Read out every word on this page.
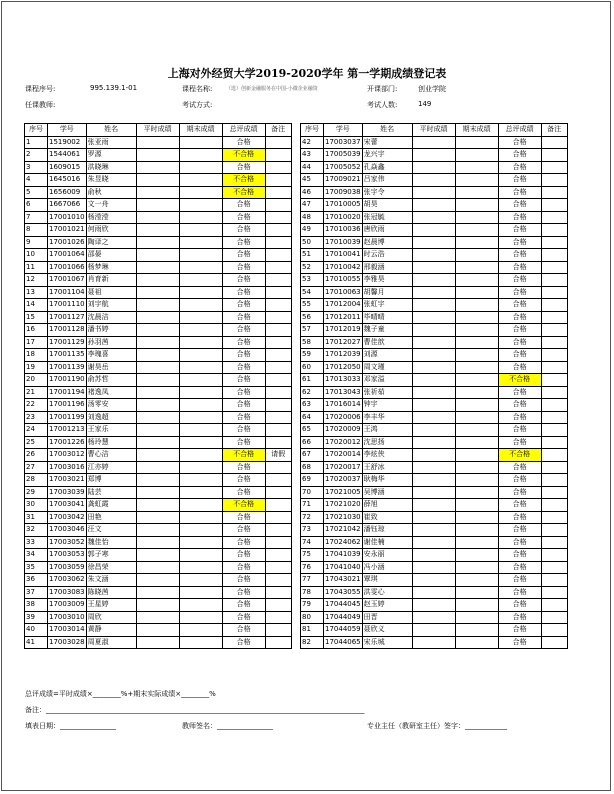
上海对外经贸大学2019-2020学年 第一学期成绩登记表
课程序号:	995.139.1-01	课程名称:	（选）创新金融服务在中国-小微企业融资	开课部门:	创业学院
任课教师:	考试方式:	考试人数:	149
序号	学号	姓名	平时成绩	期末成绩	总评成绩	备注
1	1519002	张亚雨			合格	
2	1544061	罗源			不合格	
3	1609015	洪晓琳			合格	
4	1645016	朱昱晓			不合格	
5	1656009	俞秋			不合格	
6	1667066	文一舟			合格	
7	17001010	杨滢滢			合格	
8	17001021	何雨欣			合格	
9	17001026	陶译之			合格	
10	17001064	邵晏			合格	
11	17001066	杨梦琳			合格	
12	17001067	肖育新			合格	
13	17001104	聂祖			合格	
14	17001110	刘宇航			合格	
15	17001127	沈晨洁			合格	
16	17001128	潘书婷			合格	
17	17001129	孙羽茜			合格	
18	17001135	李瑰喜			合格	
19	17001139	谢昊岳			合格	
20	17001190	俞苏哲			合格	
21	17001194	褚逸凤			合格	
22	17001196	汤零安			合格	
23	17001199	刘逸超			合格	
24	17001213	王家乐			合格	
25	17001226	杨玲慧			合格	
26	17003012	曹心洁			不合格	请假
27	17003016	江亦婷			合格	
28	17003021	郑博			合格	
29	17003039	陆芸			合格	
30	17003041	龚虹霞			不合格	
31	17003042	田艳			合格	
32	17003046	汪文			合格	
33	17003052	魏佳怡			合格	
34	17003053	郭子寒			合格	
35	17003059	徐昌荣			合格	
36	17003062	朱文涵			合格	
37	17003083	陈晓茜			合格	
38	17003009	王星婷			合格	
39	17003010	周欣			合格	
40	17003014	黄静			合格	
41	17003028	周夏淑			合格	
序号	学号	姓名	平时成绩	期末成绩	总评成绩	备注
42	17003037	宋蕾			合格	
43	17005039	龙兴宇			合格	
44	17005052	孔焱鑫			合格	
45	17009021	吕家伟			合格	
46	17009038	张宇令			合格	
47	17010005	胡昊			合格	
48	17010020	张冠毓			合格	
49	17010036	唐欣雨			合格	
50	17010039	赵晨博			合格	
51	17010041	时云浩			合格	
52	17010042	邢毅涵			合格	
53	17010055	李雅昊			合格	
54	17010063	胡馨月			合格	
55	17012004	张虹宇			合格	
56	17012011	毕晴晴			合格	
57	17012019	魏子童			合格	
58	17012027	曹佳歆			合格	
59	17012039	刘源			合格	
60	17012050	周文瑾			合格	
61	17013033	邓家溢			不合格	
62	17013043	张祈茹			合格	
63	17016014	钟宇			合格	
64	17020006	李丰华			合格	
65	17020009	王鸿			合格	
66	17020012	沈思扬			合格	
67	17020014	李炫侠			不合格	
68	17020017	王舒冰			合格	
69	17020037	耿梅华			合格	
70	17021005	吴博涵			合格	
71	17021020	薛旭			合格	
72	17021030	崔致			合格	
73	17021042	潘钰琼			合格	
74	17024062	谢佳楠			合格	
75	17041039	安永丽			合格	
76	17041040	冯小涵			合格	
77	17043021	覃琪			合格	
78	17043055	洪雯心			合格	
79	17044045	赵玉婷			合格	
80	17044049	田晋			合格	
81	17044059	聂欣义			合格	
82	17044065	宋乐城			合格	
总评成绩=平时成绩×________%+期末实际成绩×________%
备注：___________________________________________________________________________________________
填表日期：________________	教师签名：________________	专业主任（教研室主任）签字：____________
